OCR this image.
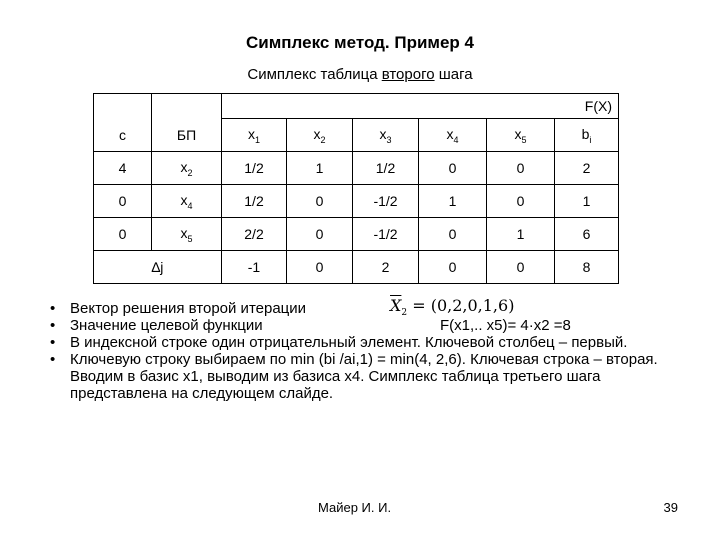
Симплекс метод. Пример 4
Симплекс таблица второго шага
		F(X)					
c	БП	$x_1$	$x_2$	$x_3$	$x_4$	$x_5$	$b_i$
4	$x_2$	1/2	1	1/2	0	0	2
0	$x_4$	1/2	0	-1/2	1	0	1
0	$x_5$	2/2	0	-1/2	0	1	6
∆j		-1	0	2	0	0	8
• Вектор решения второй итерации
• Значение целевой функции	F(x1,.. x5)= 4·x2 =8
• В индексной строке один отрицательный элемент. Ключевой столбец – первый.
• Ключевую строку выбираем по min (bi /ai,1) = min(4, 2,6). Ключевая строка – вторая. Вводим в базис x1, выводим из базиса x4. Симплекс таблица третьего шага представлена на следующем слайде.
$\overline{X}_2 = (0,2,0,1,6)$
Майер И. И.	39
